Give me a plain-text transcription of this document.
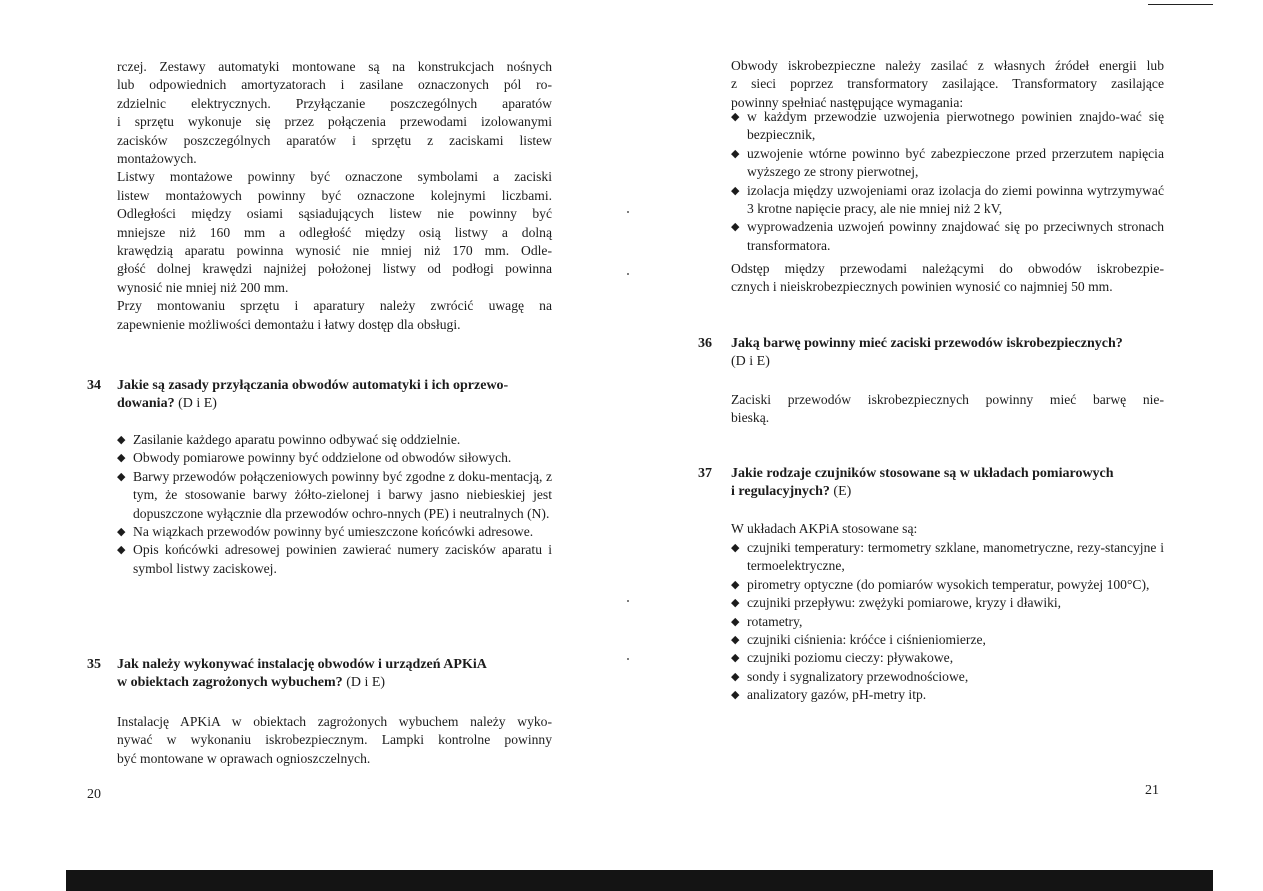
rczej. Zestawy automatyki montowane są na konstrukcjach nośnych
lub odpowiednich amortyzatorach i zasilane oznaczonych pól ro-
zdzielnic elektrycznych. Przyłączanie poszczególnych aparatów
i sprzętu wykonuje się przez połączenia przewodami izolowanymi
zacisków poszczególnych aparatów i sprzętu z zaciskami listew
montażowych.
Listwy montażowe powinny być oznaczone symbolami a zaciski
listew montażowych powinny być oznaczone kolejnymi liczbami.
Odległości między osiami sąsiadujących listew nie powinny być
mniejsze niż 160 mm a odległość między osią listwy a dolną
krawędzią aparatu powinna wynosić nie mniej niż 170 mm. Odle-
głość dolnej krawędzi najniżej położonej listwy od podłogi powinna
wynosić nie mniej niż 200 mm.
Przy montowaniu sprzętu i aparatury należy zwrócić uwagę na
zapewnienie możliwości demontażu i łatwy dostęp dla obsługi.
34 Jakie są zasady przyłączania obwodów automatyki i ich oprzewo-
dowania? (D i E)
◆ Zasilanie każdego aparatu powinno odbywać się oddzielnie.
◆ Obwody pomiarowe powinny być oddzielone od obwodów siłowych.
◆ Barwy przewodów połączeniowych powinny być zgodne z doku-mentacją, z tym, że stosowanie barwy żółto-zielonej i barwy jasno niebieskiej jest dopuszczone wyłącznie dla przewodów ochro-nnych (PE) i neutralnych (N).
◆ Na wiązkach przewodów powinny być umieszczone końcówki adresowe.
◆ Opis końcówki adresowej powinien zawierać numery zacisków aparatu i symbol listwy zaciskowej.
35 Jak należy wykonywać instalację obwodów i urządzeń APKiA
w obiektach zagrożonych wybuchem? (D i E)
Instalację APKiA w obiektach zagrożonych wybuchem należy wyko-
nywać w wykonaniu iskrobezpiecznym. Lampki kontrolne powinny
być montowane w oprawach ognioszczelnych.
20
Obwody iskrobezpieczne należy zasilać z własnych źródeł energii lub
z sieci poprzez transformatory zasilające. Transformatory zasilające
powinny spełniać następujące wymagania:
◆ w każdym przewodzie uzwojenia pierwotnego powinien znajdo-wać się bezpiecznik,
◆ uzwojenie wtórne powinno być zabezpieczone przed przerzutem napięcia wyższego ze strony pierwotnej,
◆ izolacja między uzwojeniami oraz izolacja do ziemi powinna wytrzymywać 3 krotne napięcie pracy, ale nie mniej niż 2 kV,
◆ wyprowadzenia uzwojeń powinny znajdować się po przeciwnych stronach transformatora.
Odstęp między przewodami należącymi do obwodów iskrobezpie-
cznych i nieiskrobezpiecznych powinien wynosić co najmniej 50 mm.
36 Jaką barwę powinny mieć zaciski przewodów iskrobezpiecznych?
(D i E)
Zaciski przewodów iskrobezpiecznych powinny mieć barwę nie-
bieską.
37 Jakie rodzaje czujników stosowane są w układach pomiarowych
i regulacyjnych? (E)
W układach AKPiA stosowane są:
◆ czujniki temperatury: termometry szklane, manometryczne, rezy-stancyjne i termoelektryczne,
◆ pirometry optyczne (do pomiarów wysokich temperatur, powyżej 100°C),
◆ czujniki przepływu: zwężyki pomiarowe, kryzy i dławiki,
◆ rotametry,
◆ czujniki ciśnienia: króćce i ciśnieniomierze,
◆ czujniki poziomu cieczy: pływakowe,
◆ sondy i sygnalizatory przewodnościowe,
◆ analizatory gazów, pH-metry itp.
21
